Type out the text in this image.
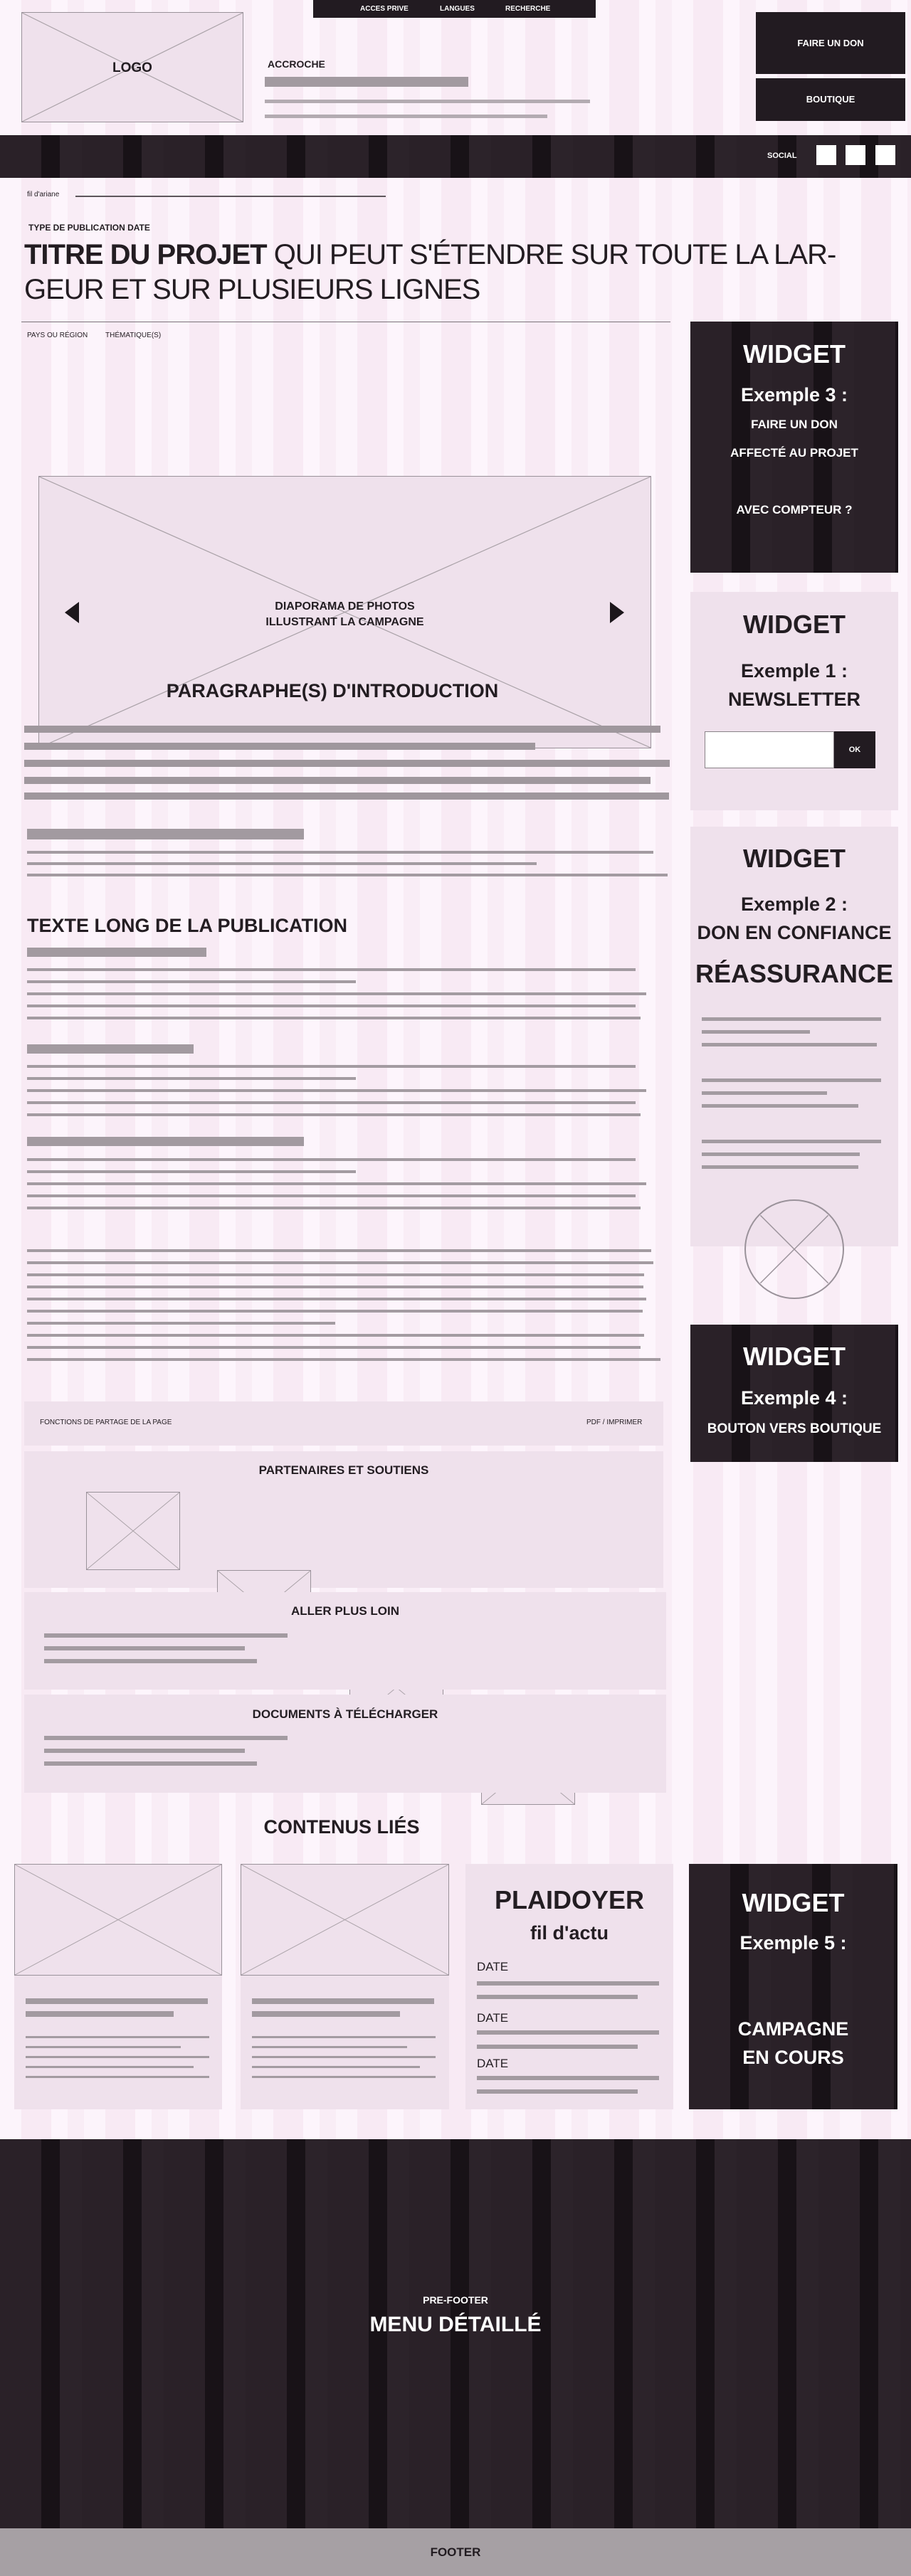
ACCES PRIVE	LANGUES	RECHERCHE
LOGO	ACCROCHE
FAIRE UN DON
BOUTIQUE
SOCIAL
fil d'ariane
TYPE DE PUBLICATION DATE
TITRE DU PROJET QUI PEUT S'ÉTENDRE SUR TOUTE LA LAR-
GEUR ET SUR PLUSIEURS LIGNES
PAYS OU RÉGION THÉMATIQUE(S)
DIAPORAMA DE PHOTOS
ILLUSTRANT LA CAMPAGNE
PARAGRAPHE(S) D'INTRODUCTION
TEXTE LONG DE LA PUBLICATION
FONCTIONS DE PARTAGE DE LA PAGE	PDF / IMPRIMER
PARTENAIRES ET SOUTIENS
ALLER PLUS LOIN
DOCUMENTS À TÉLÉCHARGER
CONTENUS LIÉS
PLAIDOYER
fil d'actu
DATE
DATE
DATE
WIDGET
Exemple 3 :
FAIRE UN DON
AFFECTÉ AU PROJET
AVEC COMPTEUR ?
WIDGET
Exemple 1 :
NEWSLETTER
OK
WIDGET
Exemple 2 :
DON EN CONFIANCE
RÉASSURANCE
WIDGET
Exemple 4 :
BOUTON VERS BOUTIQUE
WIDGET
Exemple 5 :
CAMPAGNE
EN COURS
PRE-FOOTER
MENU DÉTAILLÉ
FOOTER
